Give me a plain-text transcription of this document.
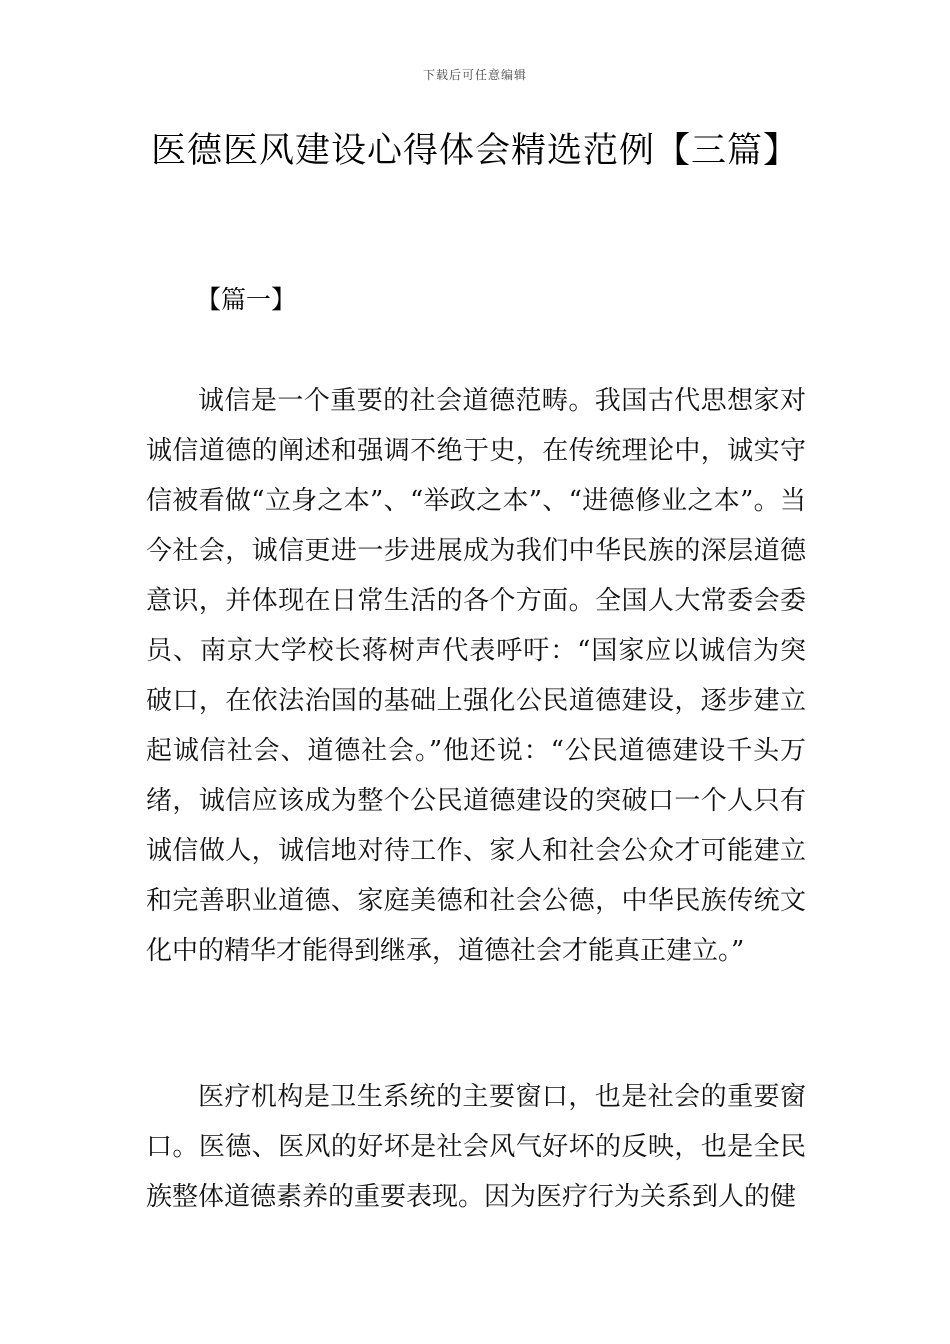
下载后可任意编辑
医德医风建设心得体会精选范例【三篇】

【篇一】

诚信是一个重要的社会道德范畴。我国古代思想家对诚信道德的阐述和强调不绝于史，在传统理论中，诚实守信被看做“立身之本”、“举政之本”、“进德修业之本”。当今社会，诚信更进一步进展成为我们中华民族的深层道德意识，并体现在日常生活的各个方面。全国人大常委会委员、南京大学校长蒋树声代表呼吁：“国家应以诚信为突破口，在依法治国的基础上强化公民道德建设，逐步建立起诚信社会、道德社会。”他还说：“公民道德建设千头万绪，诚信应该成为整个公民道德建设的突破口一个人只有诚信做人，诚信地对待工作、家人和社会公众才可能建立和完善职业道德、家庭美德和社会公德，中华民族传统文化中的精华才能得到继承，道德社会才能真正建立。”

医疗机构是卫生系统的主要窗口，也是社会的重要窗口。医德、医风的好坏是社会风气好坏的反映，也是全民族整体道德素养的重要表现。因为医疗行为关系到人的健
